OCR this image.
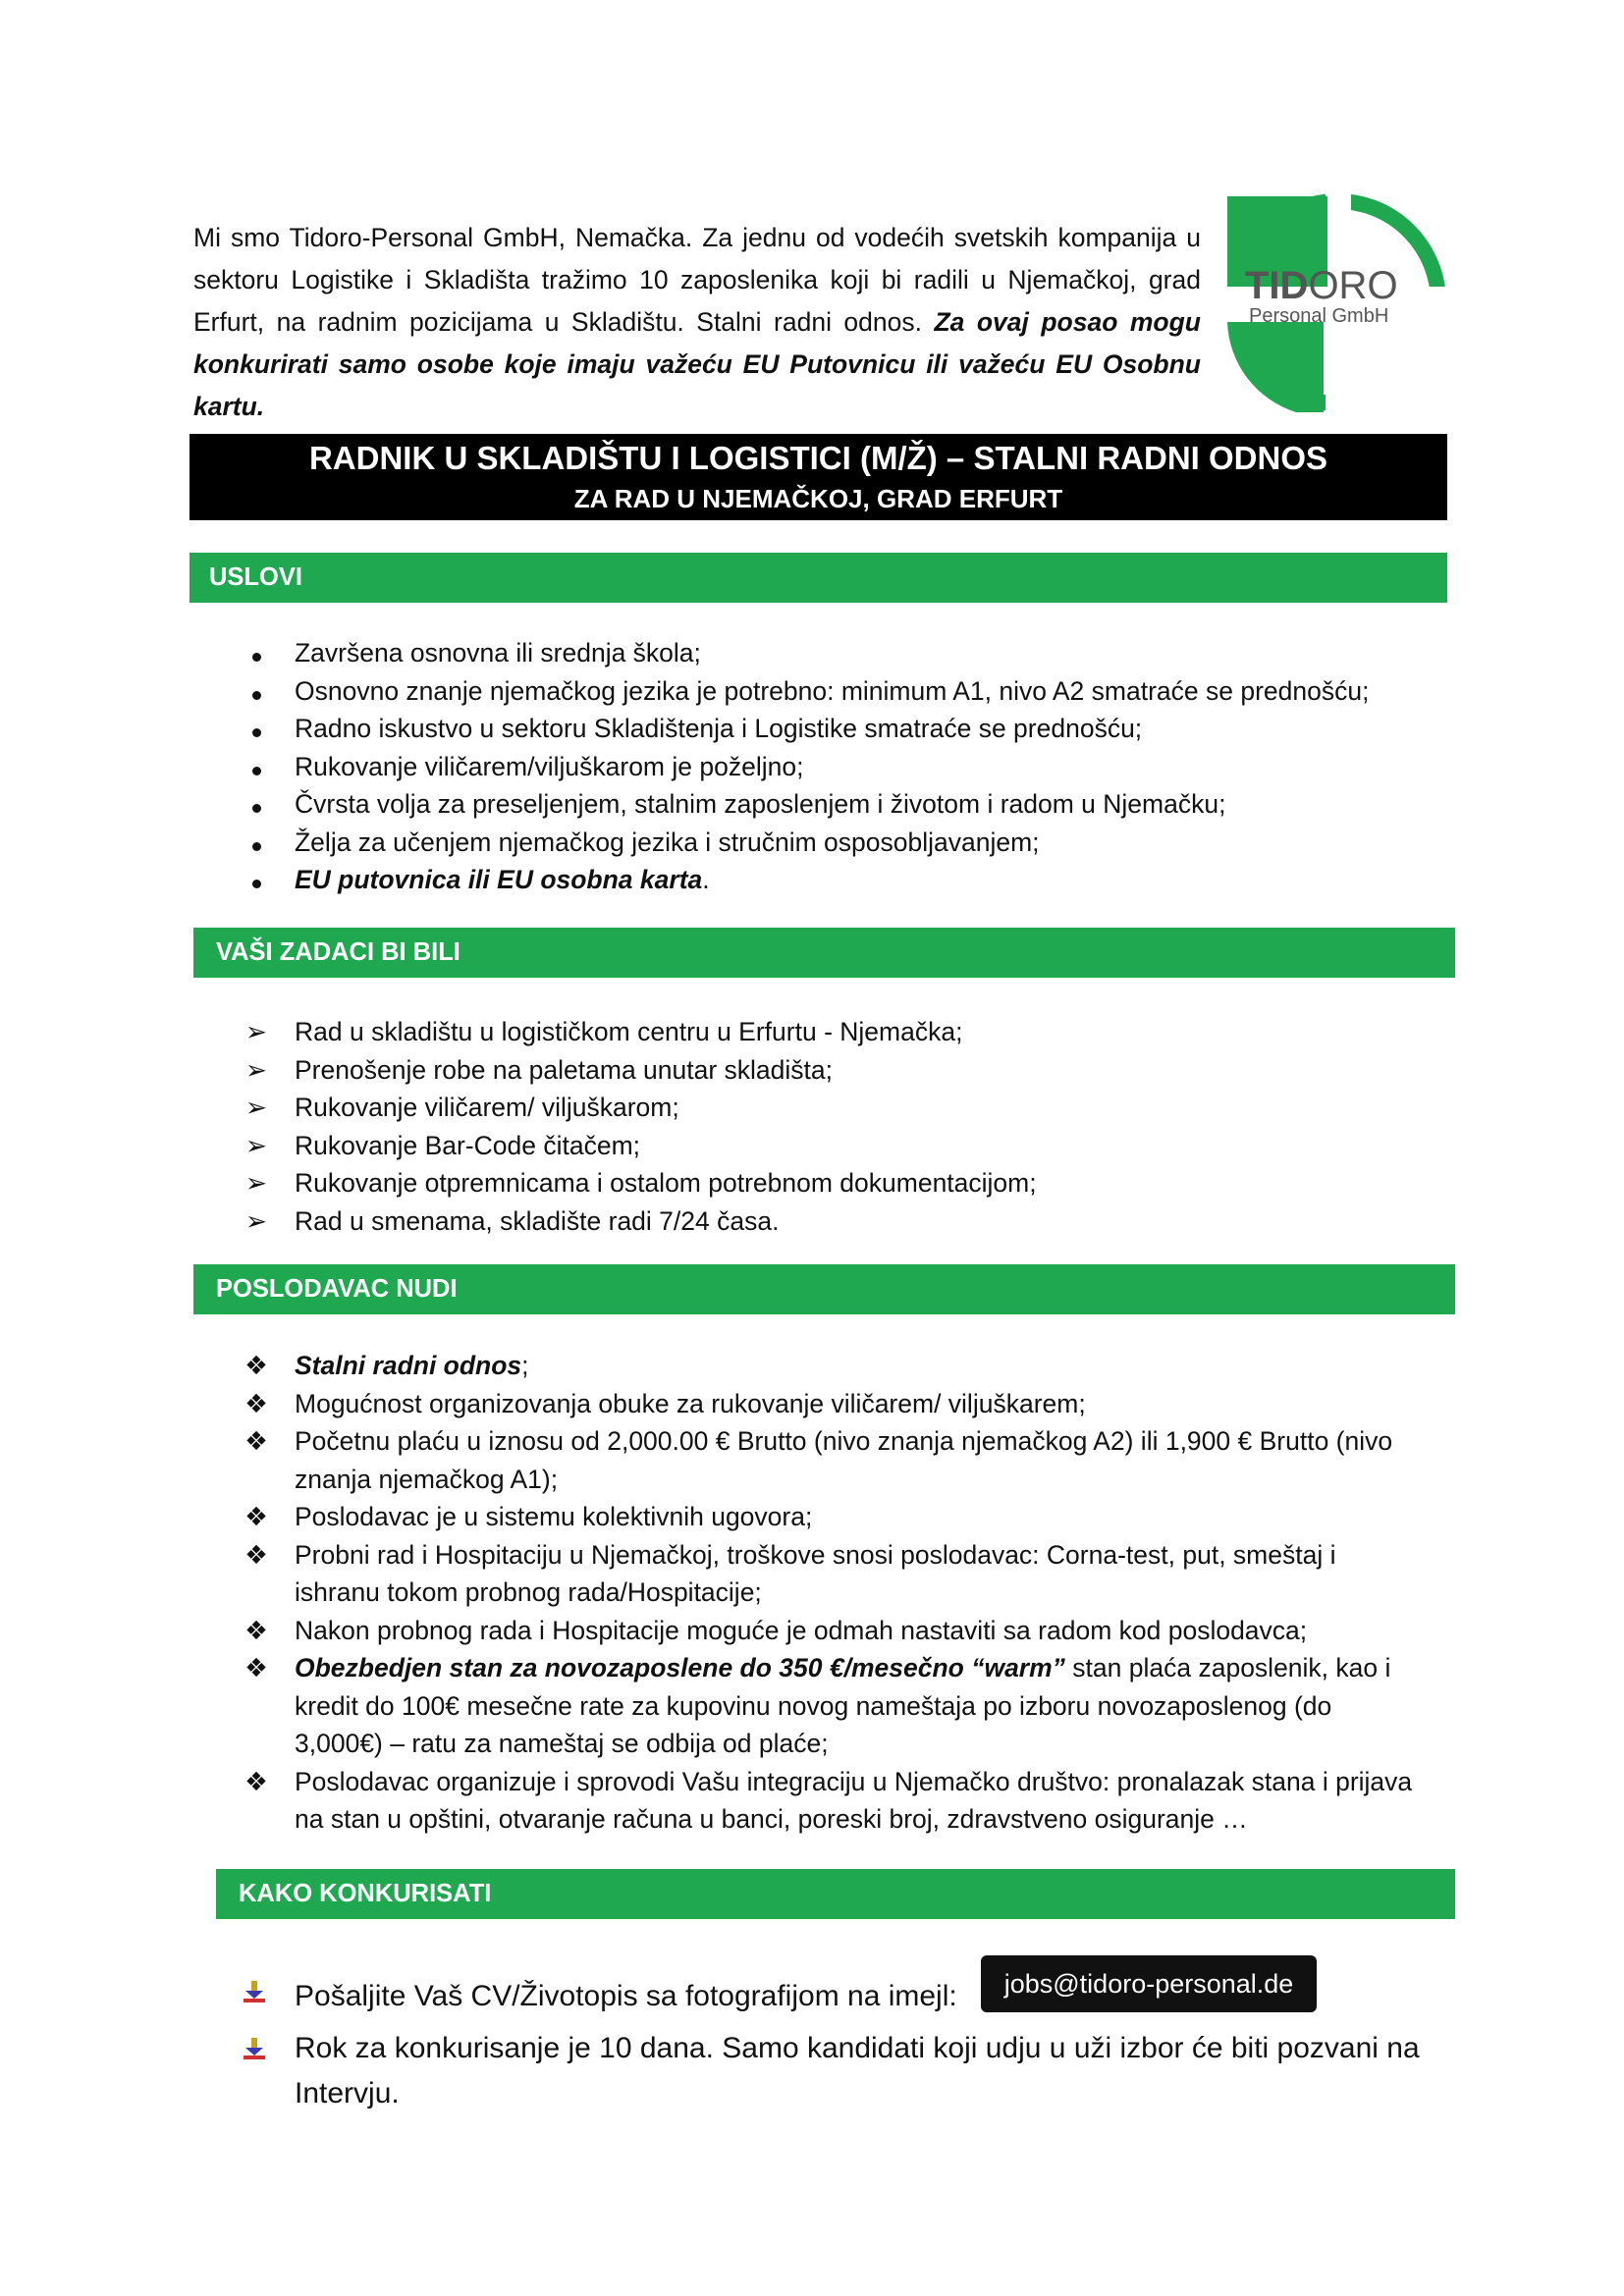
Mi smo Tidoro-Personal GmbH, Nemačka. Za jednu od vodećih svetskih kompanija u sektoru Logistike i Skladišta tražimo 10 zaposlenika koji bi radili u Njemačkoj, grad Erfurt, na radnim pozicijama u Skladištu. Stalni radni odnos. Za ovaj posao mogu konkurirati samo osobe koje imaju važeću EU Putovnicu ili važeću EU Osobnu kartu.

TIDORO
Personal GmbH
RADNIK U SKLADIŠTU I LOGISTICI (M/Ž) – STALNI RADNI ODNOS
ZA RAD U NJEMAČKOJ, GRAD ERFURT
USLOVI
Završena osnovna ili srednja škola;
Osnovno znanje njemačkog jezika je potrebno: minimum A1, nivo A2 smatraće se prednošću;
Radno iskustvo u sektoru Skladištenja i Logistike smatraće se prednošću;
Rukovanje viličarem/viljuškarom je poželjno;
Čvrsta volja za preseljenjem, stalnim zaposlenjem i životom i radom u Njemačku;
Želja za učenjem njemačkog jezika i stručnim osposobljavanjem;
EU putovnica ili EU osobna karta.
VAŠI ZADACI BI BILI
➢ Rad u skladištu u logističkom centru u Erfurtu - Njemačka;
➢ Prenošenje robe na paletama unutar skladišta;
➢ Rukovanje viličarem/ viljuškarom;
➢ Rukovanje Bar-Code čitačem;
➢ Rukovanje otpremnicama i ostalom potrebnom dokumentacijom;
➢ Rad u smenama, skladište radi 7/24 časa.
POSLODAVAC NUDI
❖ Stalni radni odnos;
❖ Mogućnost organizovanja obuke za rukovanje viličarem/ viljuškarem;
❖ Početnu plaću u iznosu od 2,000.00 € Brutto (nivo znanja njemačkog A2) ili 1,900 € Brutto (nivo znanja njemačkog A1);
❖ Poslodavac je u sistemu kolektivnih ugovora;
❖ Probni rad i Hospitaciju u Njemačkoj, troškove snosi poslodavac: Corna-test, put, smeštaj i ishranu tokom probnog rada/Hospitacije;
❖ Nakon probnog rada i Hospitacije moguće je odmah nastaviti sa radom kod poslodavca;
❖ Obezbedjen stan za novozaposlene do 350 €/mesečno “warm” stan plaća zaposlenik, kao i kredit do 100€ mesečne rate za kupovinu novog nameštaja po izboru novozaposlenog (do 3,000€) – ratu za nameštaj se odbija od plaće;
❖ Poslodavac organizuje i sprovodi Vašu integraciju u Njemačko društvo: pronalazak stana i prijava na stan u opštini, otvaranje računa u banci, poreski broj, zdravstveno osiguranje …
KAKO KONKURISATI
Pošaljite Vaš CV/Životopis sa fotografijom na imejl: jobs@tidoro-personal.de
Rok za konkurisanje je 10 dana. Samo kandidati koji udju u uži izbor će biti pozvani na Intervju.
